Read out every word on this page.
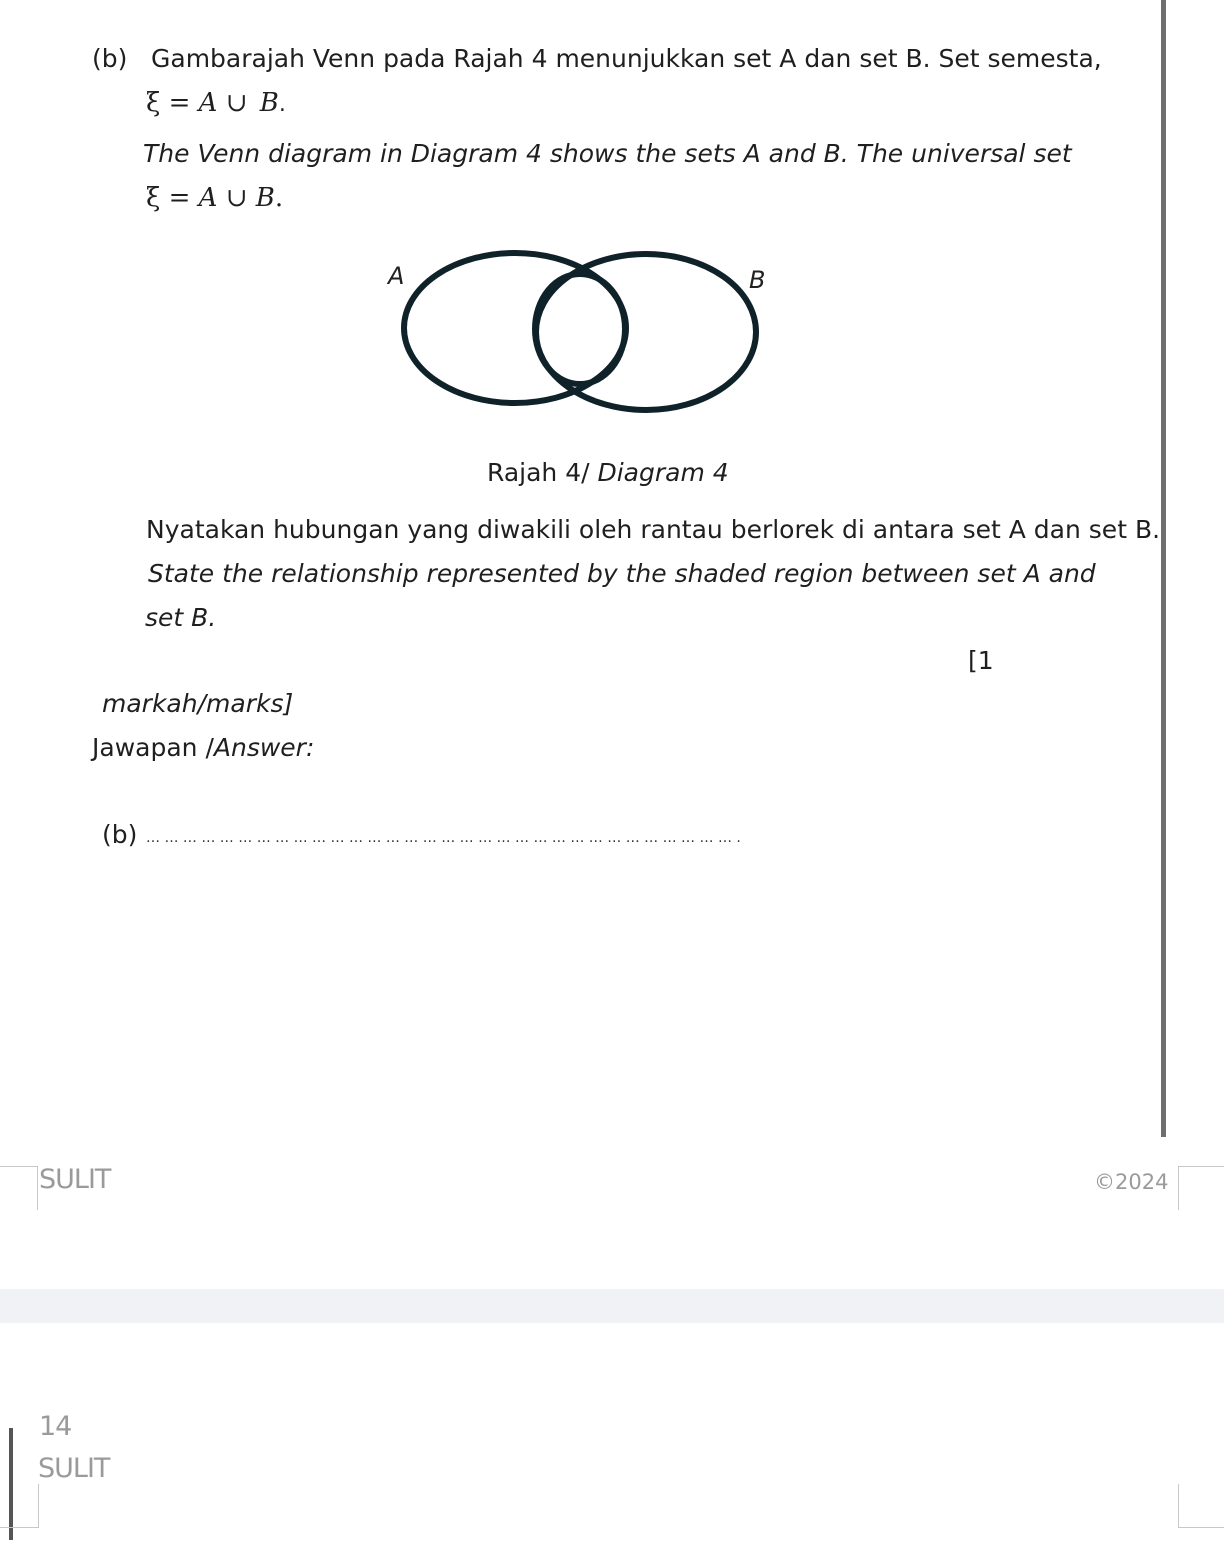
(b) Gambarajah Venn pada Rajah 4 menunjukkan set A dan set B. Set semesta,
ξ = A ∪ B.
The Venn diagram in Diagram 4 shows the sets A and B. The universal set
ξ = A ∪ B.
A	B
Rajah 4/ Diagram 4
Nyatakan hubungan yang diwakili oleh rantau berlorek di antara set A dan set B.
State the relationship represented by the shaded region between set A and
set B.
[1
markah/marks]
Jawapan /Answer:
(b) … … … … … … … … … … … … … … … … … … … … … … … … … … … … … … … … .
SULIT	©2024
14
SULIT
